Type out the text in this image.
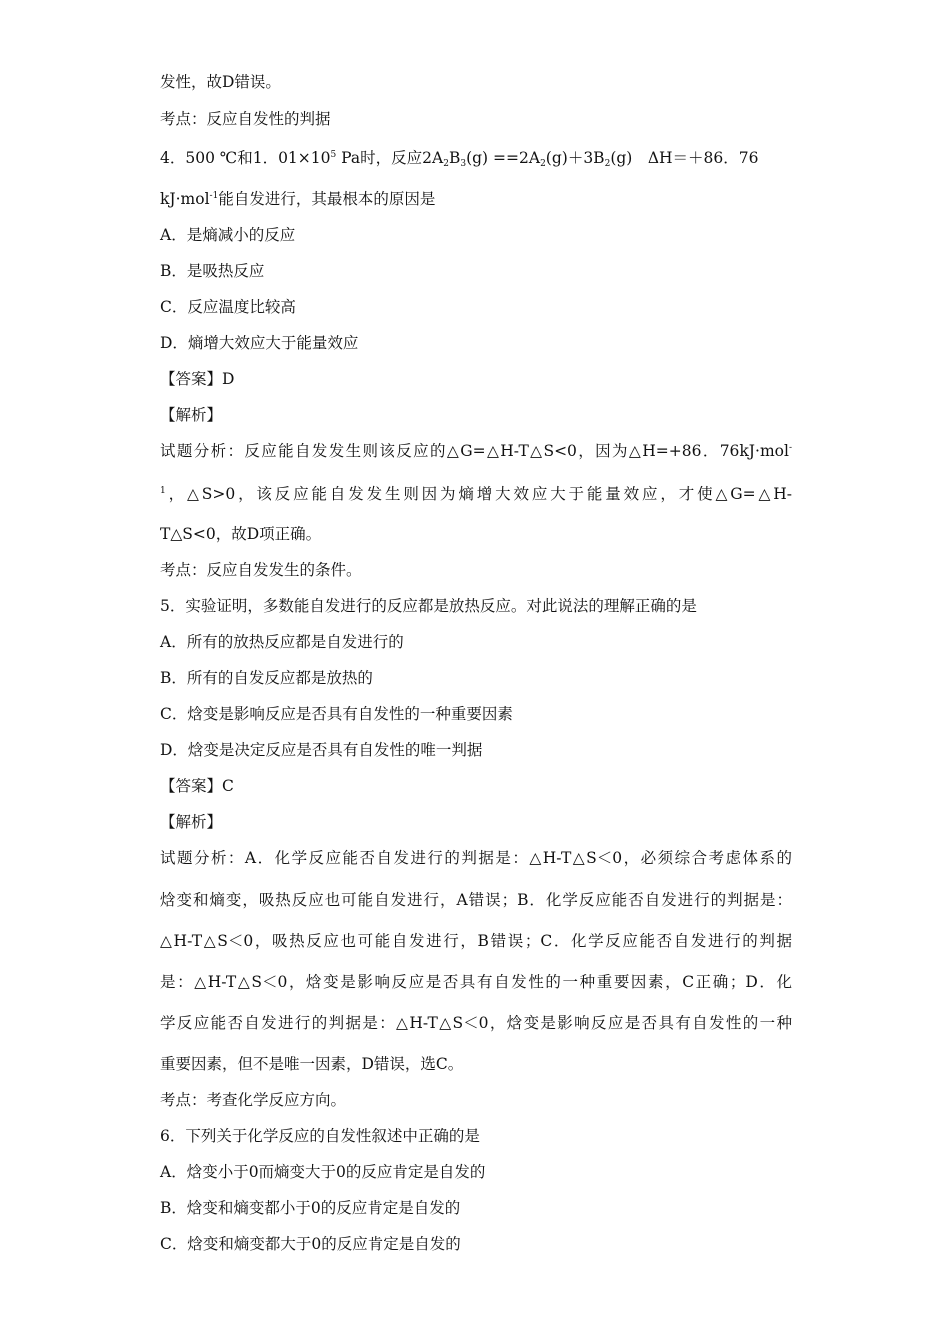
发性，故D错误。
考点：反应自发性的判据
4．500 ℃和1．$01\times 10^5$ Pa时，反应$2A_2B_3(g) ==2A_2(g)+3B_2(g)$　ΔH＝＋86．76
kJ·mol$^{-1}$能自发进行，其最根本的原因是
A．是熵减小的反应
B．是吸热反应
C．反应温度比较高
D．熵增大效应大于能量效应
【答案】D
【解析】
试题分析：反应能自发发生则该反应的△G=△H-T△S<0，因为△H=+86．76kJ·mol-
$^1$，△S>0，该反应能自发发生则因为熵增大效应大于能量效应，才使△G=△H-
T△S<0，故D项正确。
考点：反应自发发生的条件。
5．实验证明，多数能自发进行的反应都是放热反应。对此说法的理解正确的是
A．所有的放热反应都是自发进行的
B．所有的自发反应都是放热的
C．焓变是影响反应是否具有自发性的一种重要因素
D．焓变是决定反应是否具有自发性的唯一判据
【答案】C
【解析】
试题分析：A．化学反应能否自发进行的判据是：△H-T△S＜0，必须综合考虑体系的
焓变和熵变，吸热反应也可能自发进行，A错误；B．化学反应能否自发进行的判据是：
△H-T△S＜0，吸热反应也可能自发进行，B错误；C．化学反应能否自发进行的判据
是：△H-T△S＜0，焓变是影响反应是否具有自发性的一种重要因素，C正确；D．化
学反应能否自发进行的判据是：△H-T△S＜0，焓变是影响反应是否具有自发性的一种
重要因素，但不是唯一因素，D错误，选C。
考点：考查化学反应方向。
6．下列关于化学反应的自发性叙述中正确的是
A．焓变小于0而熵变大于0的反应肯定是自发的
B．焓变和熵变都小于0的反应肯定是自发的
C．焓变和熵变都大于0的反应肯定是自发的
